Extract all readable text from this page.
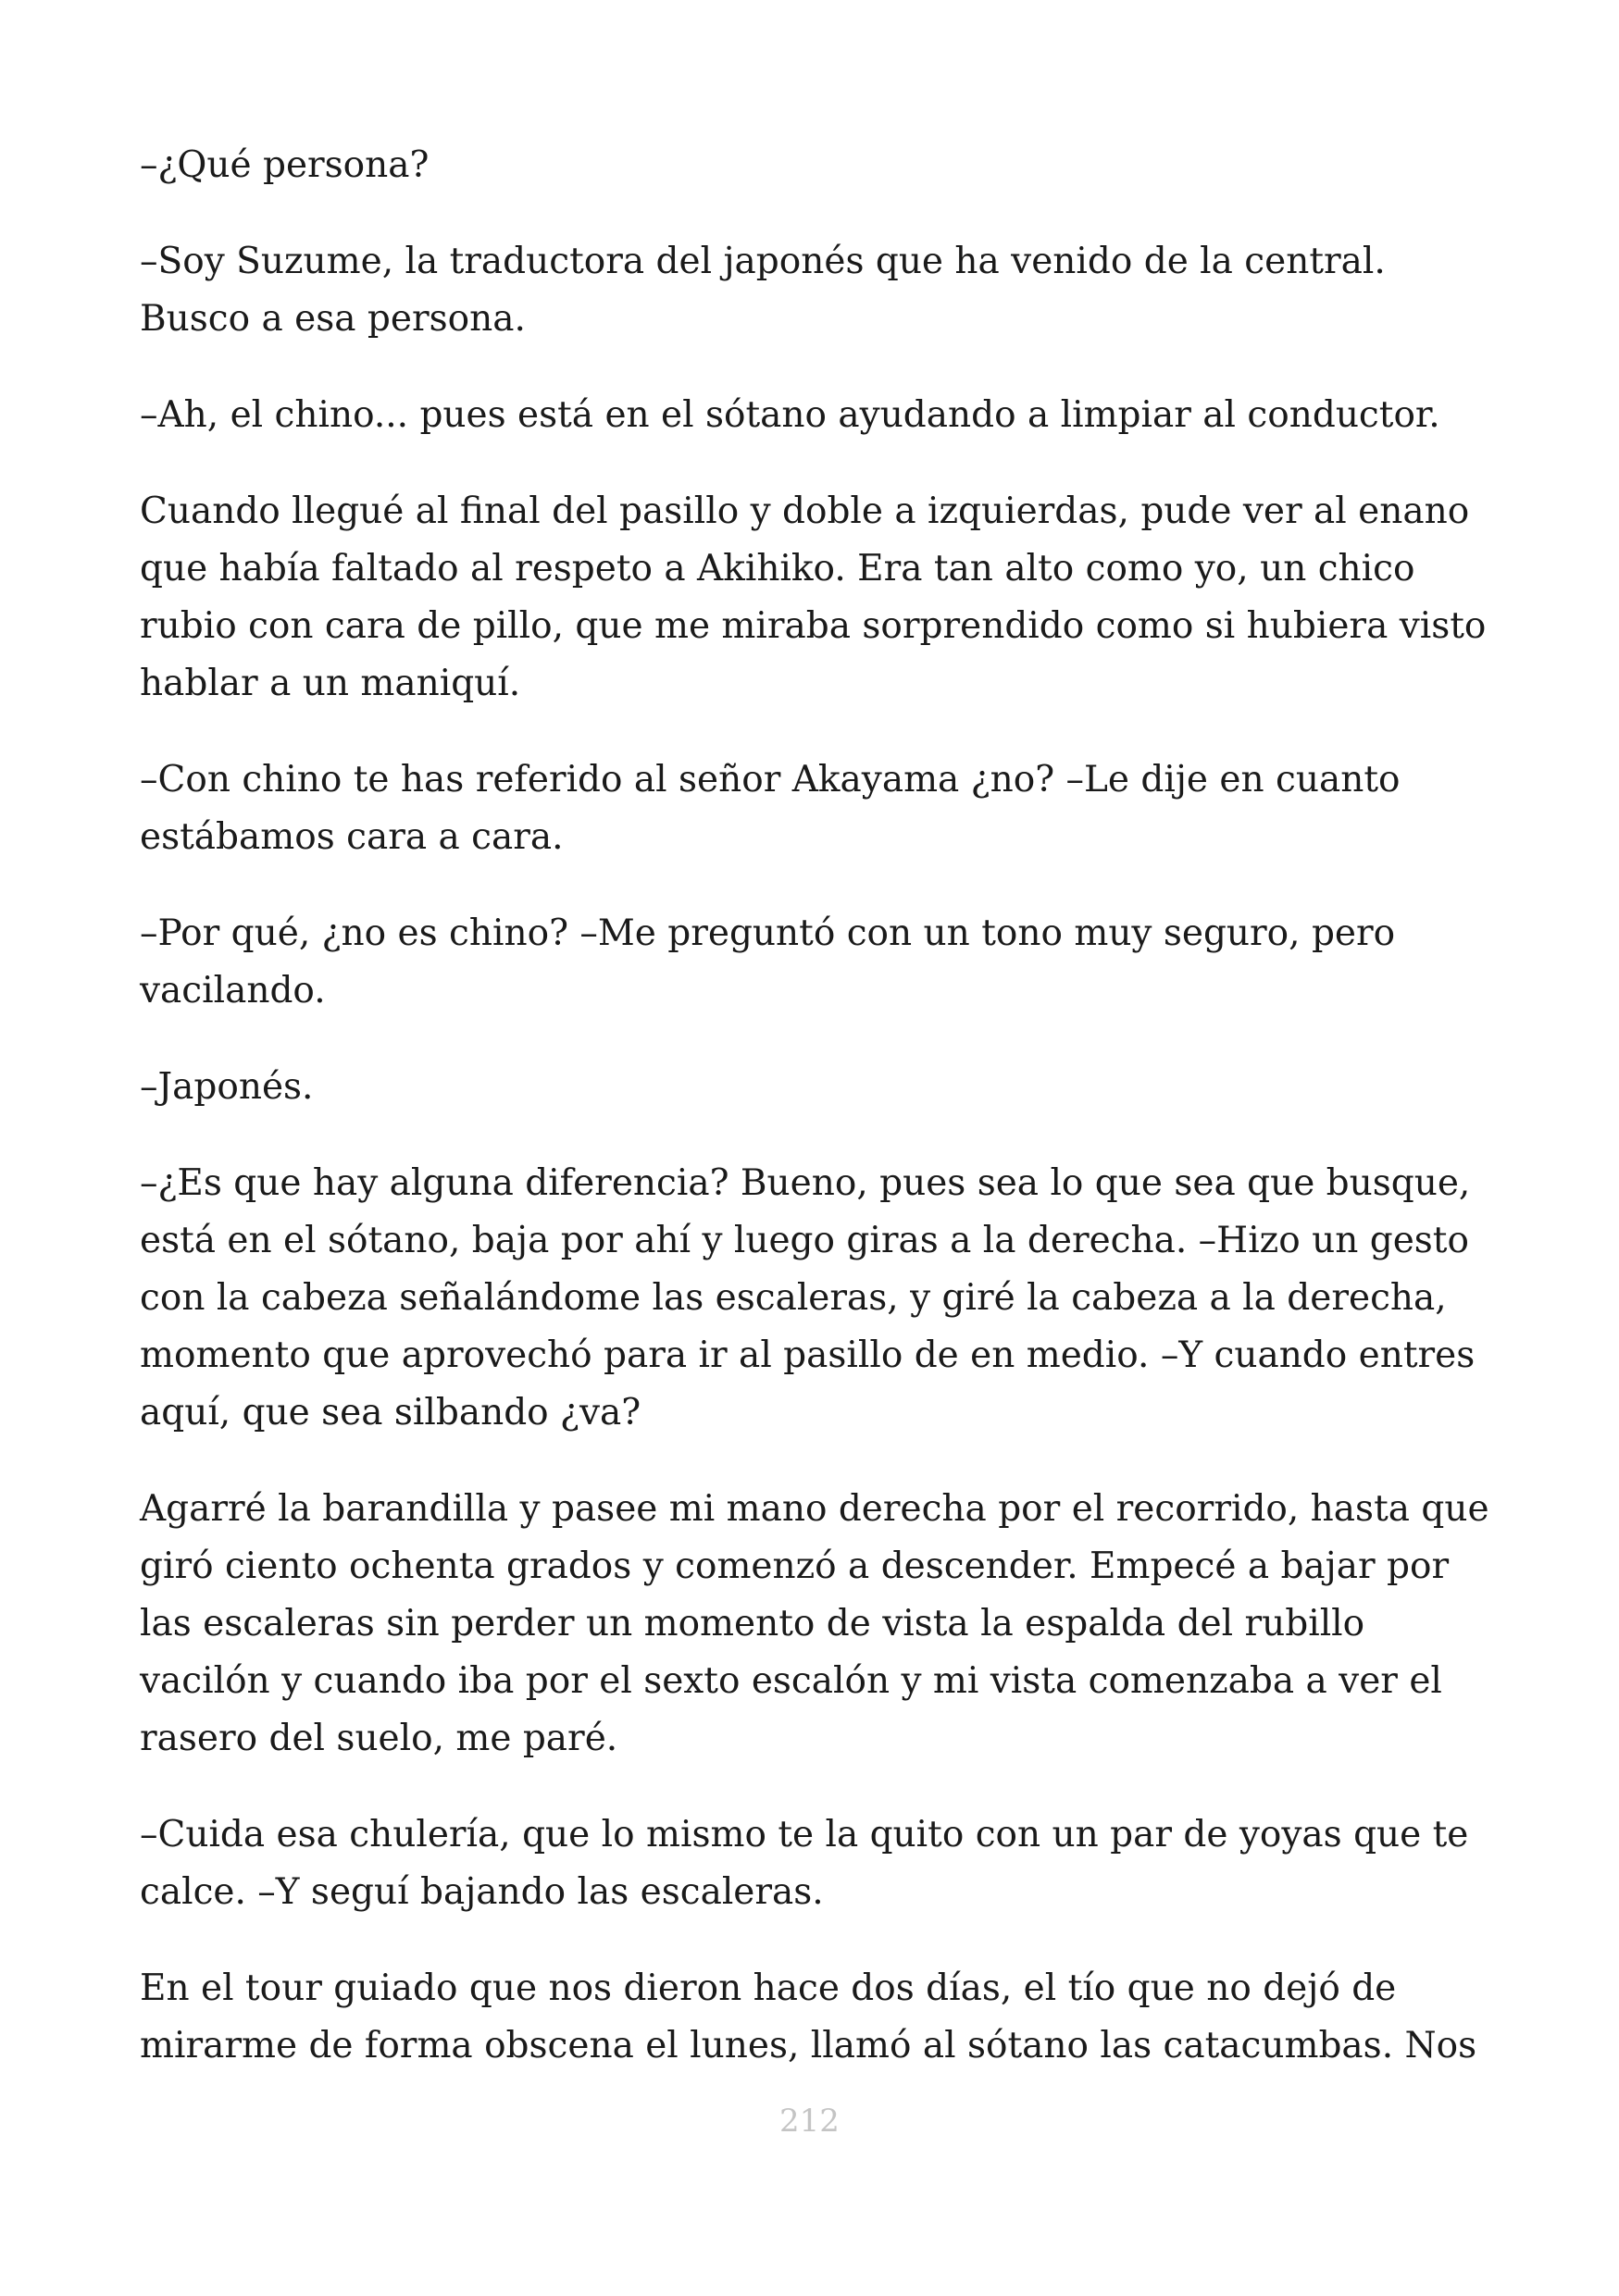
–¿Qué persona?

–Soy Suzume, la traductora del japonés que ha venido de la central. Busco a esa persona.

–Ah, el chino... pues está en el sótano ayudando a limpiar al conductor.

Cuando llegué al final del pasillo y doble a izquierdas, pude ver al enano que había faltado al respeto a Akihiko. Era tan alto como yo, un chico rubio con cara de pillo, que me miraba sorprendido como si hubiera visto hablar a un maniquí.

–Con chino te has referido al señor Akayama ¿no? –Le dije en cuanto estábamos cara a cara.

–Por qué, ¿no es chino? –Me preguntó con un tono muy seguro, pero vacilando.

–Japonés.

–¿Es que hay alguna diferencia? Bueno, pues sea lo que sea que busque, está en el sótano, baja por ahí y luego giras a la derecha. –Hizo un gesto con la cabeza señalándome las escaleras, y giré la cabeza a la derecha, momento que aprovechó para ir al pasillo de en medio. –Y cuando entres aquí, que sea silbando ¿va?

Agarré la barandilla y pasee mi mano derecha por el recorrido, hasta que giró ciento ochenta grados y comenzó a descender. Empecé a bajar por las escaleras sin perder un momento de vista la espalda del rubillo vacilón y cuando iba por el sexto escalón y mi vista comenzaba a ver el rasero del suelo, me paré.

–Cuida esa chulería, que lo mismo te la quito con un par de yoyas que te calce. –Y seguí bajando las escaleras.

En el tour guiado que nos dieron hace dos días, el tío que no dejó de mirarme de forma obscena el lunes, llamó al sótano las catacumbas. Nos

212
